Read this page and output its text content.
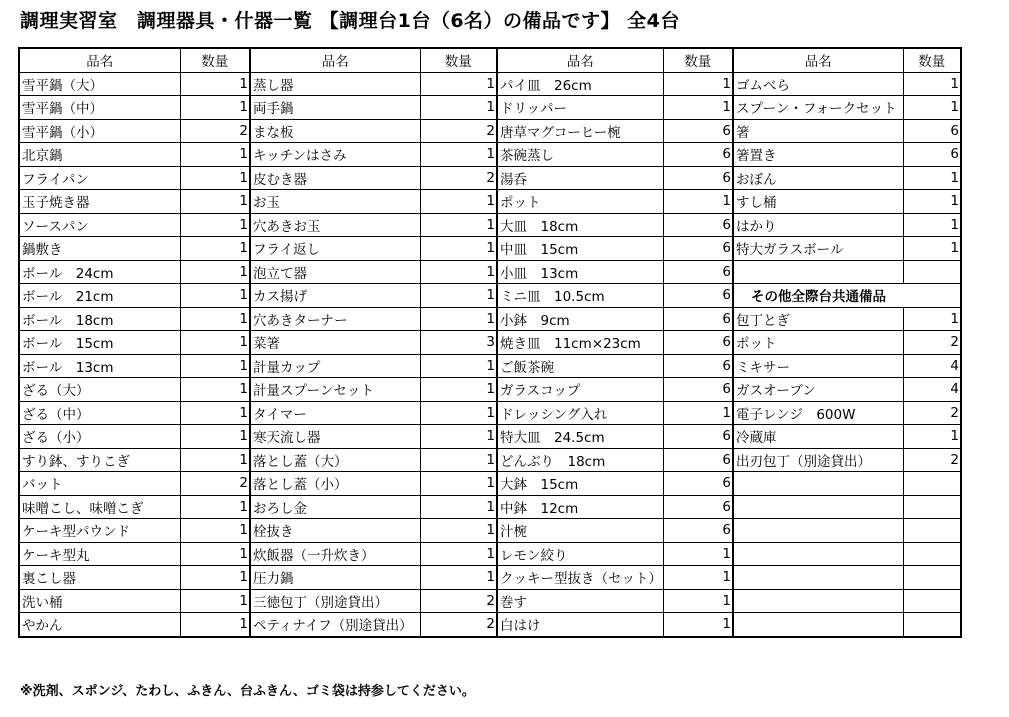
調理実習室　調理器具・什器一覧 【調理台1台（6名）の備品です】 全4台
品名	数量	品名	数量	品名	数量	品名	数量
雪平鍋（大）	1	蒸し器	1	パイ皿　26cm	1	ゴムべら	1
雪平鍋（中）	1	両手鍋	1	ドリッパー	1	スプーン・フォークセット	1
雪平鍋（小）	2	まな板	2	唐草マグコーヒー椀	6	箸	6
北京鍋	1	キッチンはさみ	1	茶碗蒸し	6	箸置き	6
フライパン	1	皮むき器	2	湯呑	6	おぼん	1
玉子焼き器	1	お玉	1	ポット	1	すし桶	1
ソースパン	1	穴あきお玉	1	大皿　18cm	6	はかり	1
鍋敷き	1	フライ返し	1	中皿　15cm	6	特大ガラスボール	1
ボール　24cm	1	泡立て器	1	小皿　13cm	6		
ボール　21cm	1	カス揚げ	1	ミニ皿　10.5cm	6	その他全際台共通備品	
ボール　18cm	1	穴あきターナー	1	小鉢　9cm	6	包丁とぎ	1
ボール　15cm	1	菜箸	3	焼き皿　11cm×23cm	6	ポット	2
ボール　13cm	1	計量カップ	1	ご飯茶碗	6	ミキサー	4
ざる（大）	1	計量スプーンセット	1	ガラスコップ	6	ガスオーブン	4
ざる（中）	1	タイマー	1	ドレッシング入れ	1	電子レンジ　600W	2
ざる（小）	1	寒天流し器	1	特大皿　24.5cm	6	冷蔵庫	1
すり鉢、すりこぎ	1	落とし蓋（大）	1	どんぶり　18cm	6	出刃包丁（別途貸出）	2
バット	2	落とし蓋（小）	1	大鉢　15cm	6		
味噌こし、味噌こぎ	1	おろし金	1	中鉢　12cm	6		
ケーキ型パウンド	1	栓抜き	1	汁椀	6		
ケーキ型丸	1	炊飯器（一升炊き）	1	レモン絞り	1		
裏こし器	1	圧力鍋	1	クッキー型抜き（セット）	1		
洗い桶	1	三徳包丁（別途貸出）	2	巻す	1		
やかん	1	ペティナイフ（別途貸出）	2	白はけ	1		
※洗剤、スポンジ、たわし、ふきん、台ふきん、ゴミ袋は持参してください。
